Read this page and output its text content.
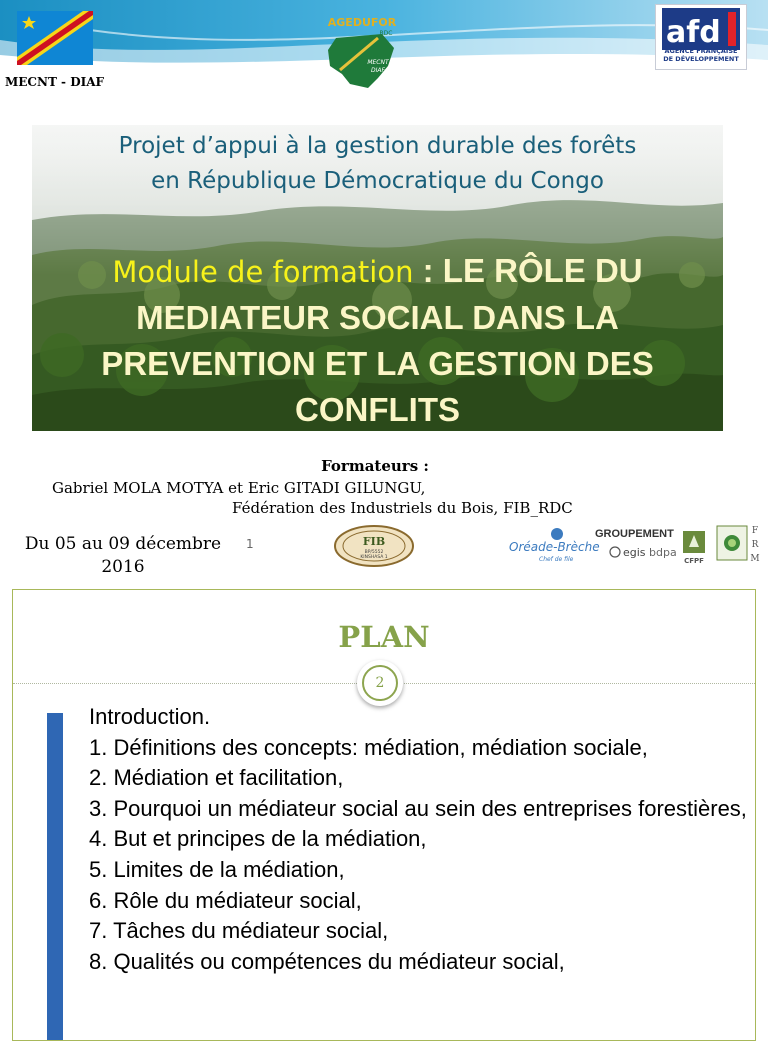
MECNT - DIAF
AGEDUFOR
RDC
MECNT
DIAF
afd
AGENCE FRANÇAISE
DE DÉVELOPPEMENT
Projet d’appui à la gestion durable des forêts
en République Démocratique du Congo
Module de formation : LE RÔLE DU MEDIATEUR SOCIAL DANS LA PREVENTION ET LA GESTION DES CONFLITS
Formateurs :
Gabriel MOLA MOTYA et Eric GITADI GILUNGU,
Fédération des Industriels du Bois, FIB_RDC
Du 05 au 09 décembre
2016
1	FIB
BP/5552
KINSHASA 1
Oréade-Brèche
Chef de file
GROUPEMENT
egis bdpa
CFPF
F
R
M
PLAN
2
Introduction.
1. Définitions des concepts: médiation, médiation sociale,
2. Médiation et facilitation,
3. Pourquoi un médiateur social au sein des entreprises forestières,
4. But et principes de la médiation,
5. Limites de la médiation,
6. Rôle du médiateur social,
7. Tâches du médiateur social,
8. Qualités ou compétences du médiateur social,
